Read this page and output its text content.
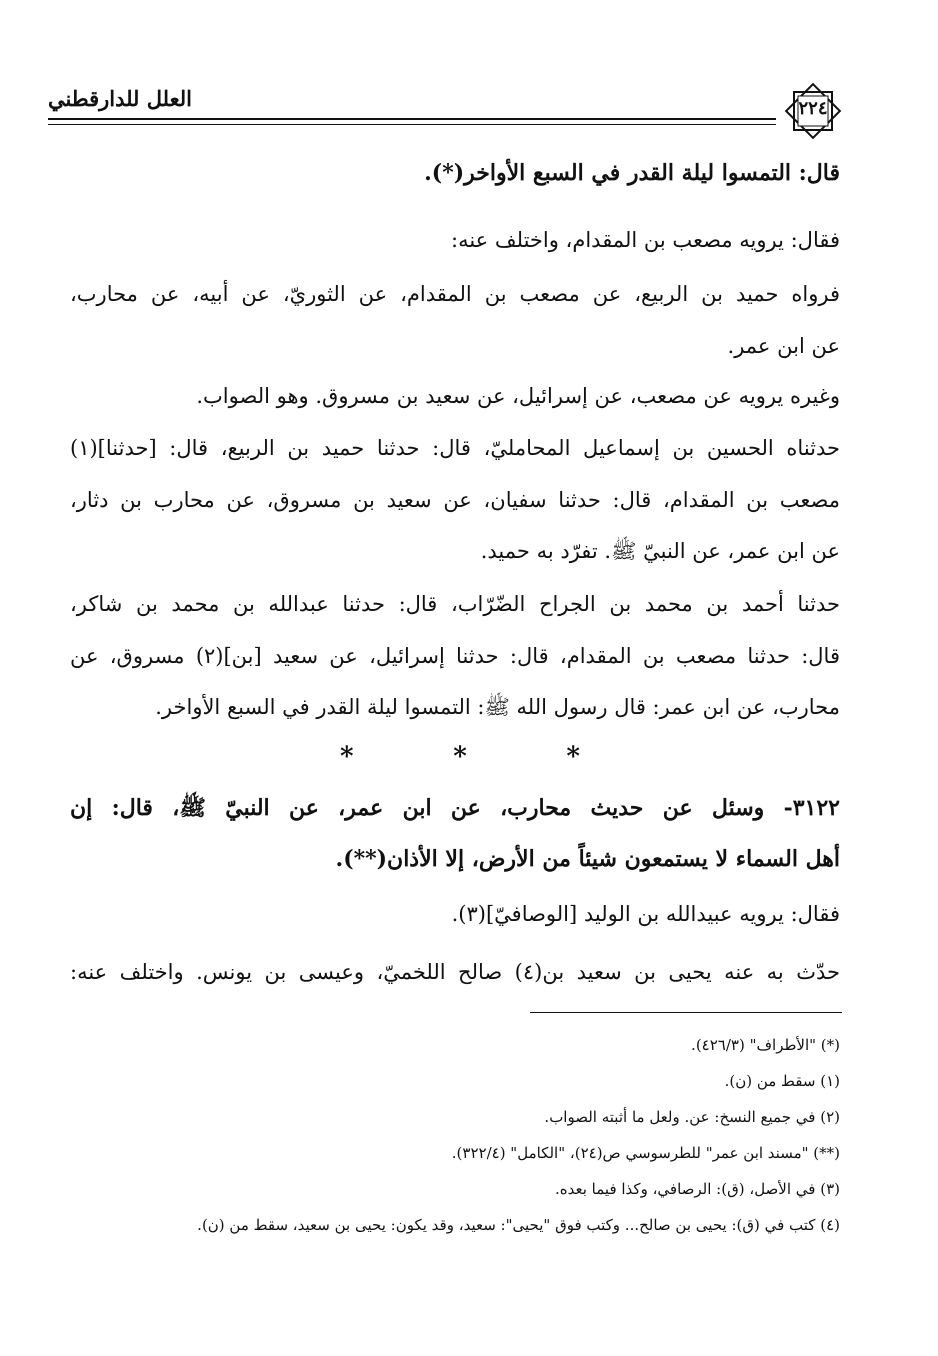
العلل للدارقطني	٢٢٤
قال: التمسوا ليلة القدر في السبع الأواخر(*).
فقال: يرويه مصعب بن المقدام، واختلف عنه:
فرواه حميد بن الربيع، عن مصعب بن المقدام، عن الثوريّ، عن أبيه، عن محارب،
عن ابن عمر.
وغيره يرويه عن مصعب، عن إسرائيل، عن سعيد بن مسروق. وهو الصواب.
حدثناه الحسين بن إسماعيل المحامليّ، قال: حدثنا حميد بن الربيع، قال: [حدثنا](١)
مصعب بن المقدام، قال: حدثنا سفيان، عن سعيد بن مسروق، عن محارب بن دثار،
عن ابن عمر، عن النبيّ ﷺ. تفرّد به حميد.
حدثنا أحمد بن محمد بن الجراح الضّرّاب، قال: حدثنا عبدالله بن محمد بن شاكر،
قال: حدثنا مصعب بن المقدام، قال: حدثنا إسرائيل، عن سعيد [بن](٢) مسروق، عن
محارب، عن ابن عمر: قال رسول الله ﷺ: التمسوا ليلة القدر في السبع الأواخر.
*	*	*
٣١٢٢- وسئل عن حديث محارب، عن ابن عمر، عن النبيّ ﷺ، قال: إن
أهل السماء لا يستمعون شيئاً من الأرض، إلا الأذان(**).
فقال: يرويه عبيدالله بن الوليد [الوصافيّ](٣).
حدّث به عنه يحيى بن سعيد بن(٤) صالح اللخميّ، وعيسى بن يونس. واختلف عنه:
(*) "الأطراف" (٤٢٦/٣).
(١) سقط من (ن).
(٢) في جميع النسخ: عن. ولعل ما أثبته الصواب.
(**) "مسند ابن عمر" للطرسوسي ص(٢٤)، "الكامل" (٣٢٢/٤).
(٣) في الأصل، (ق): الرصافي، وكذا فيما بعده.
(٤) كتب في (ق): يحيى بن صالح... وكتب فوق "يحيى": سعيد، وقد يكون: يحيى بن سعيد، سقط من (ن).
